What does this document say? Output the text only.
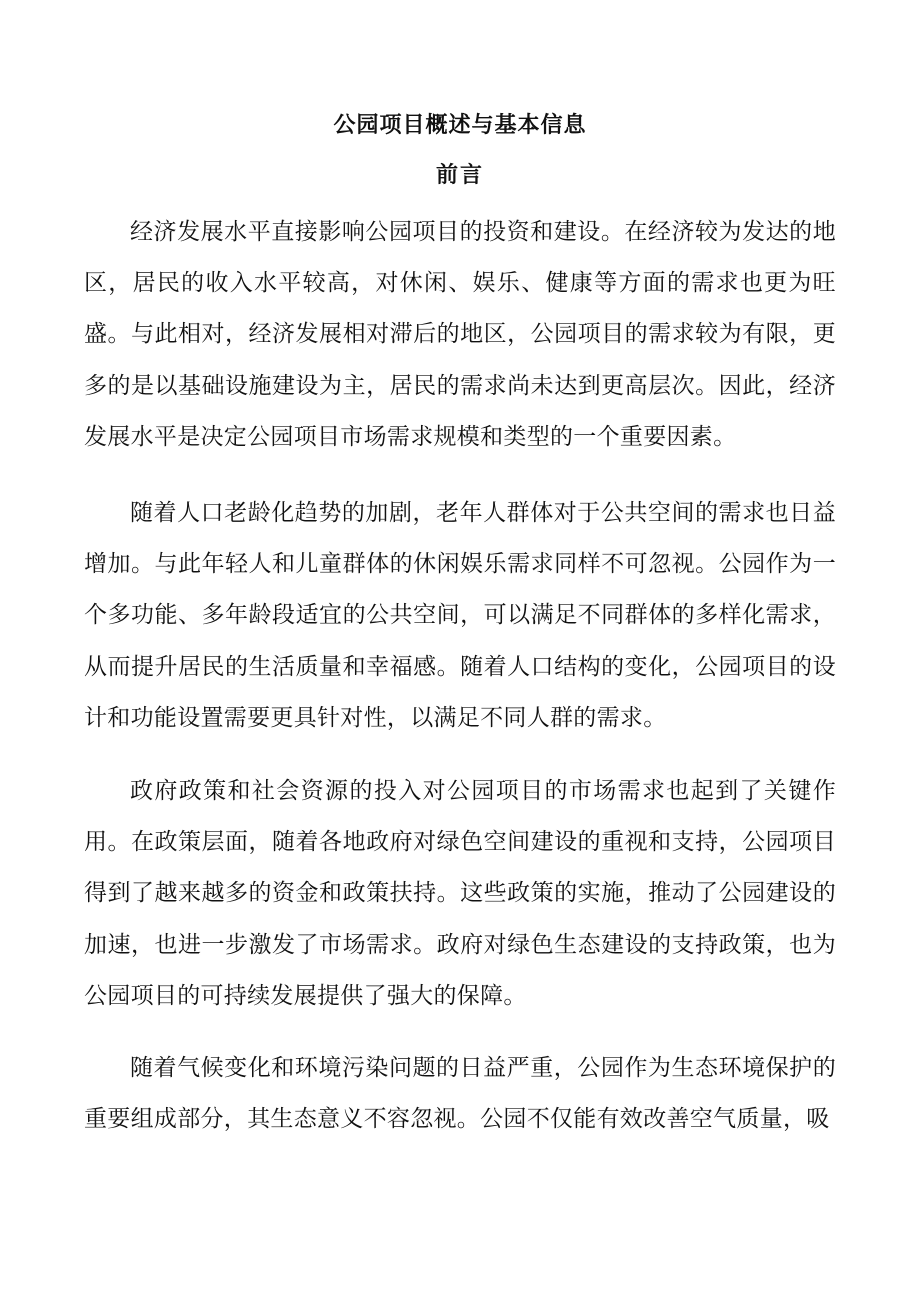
公园项目概述与基本信息
前言

经济发展水平直接影响公园项目的投资和建设。在经济较为发达的地区，居民的收入水平较高，对休闲、娱乐、健康等方面的需求也更为旺盛。与此相对，经济发展相对滞后的地区，公园项目的需求较为有限，更多的是以基础设施建设为主，居民的需求尚未达到更高层次。因此，经济发展水平是决定公园项目市场需求规模和类型的一个重要因素。

随着人口老龄化趋势的加剧，老年人群体对于公共空间的需求也日益增加。与此年轻人和儿童群体的休闲娱乐需求同样不可忽视。公园作为一个多功能、多年龄段适宜的公共空间，可以满足不同群体的多样化需求，从而提升居民的生活质量和幸福感。随着人口结构的变化，公园项目的设计和功能设置需要更具针对性，以满足不同人群的需求。

政府政策和社会资源的投入对公园项目的市场需求也起到了关键作用。在政策层面，随着各地政府对绿色空间建设的重视和支持，公园项目得到了越来越多的资金和政策扶持。这些政策的实施，推动了公园建设的加速，也进一步激发了市场需求。政府对绿色生态建设的支持政策，也为公园项目的可持续发展提供了强大的保障。

随着气候变化和环境污染问题的日益严重，公园作为生态环境保护的重要组成部分，其生态意义不容忽视。公园不仅能有效改善空气质量，吸
